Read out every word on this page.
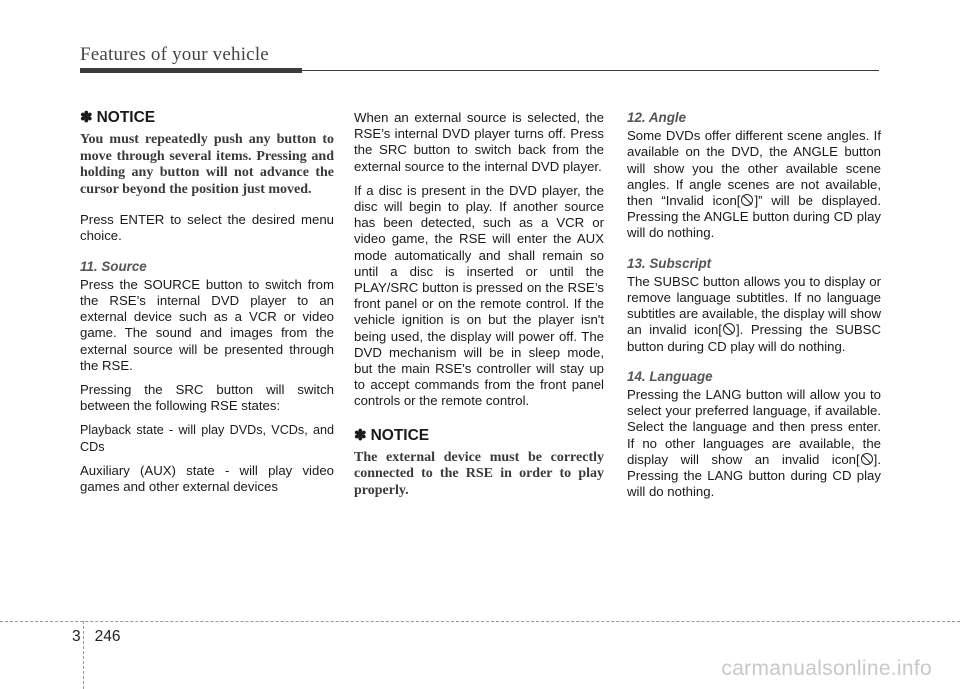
Features of your vehicle
✽ NOTICE
You must repeatedly push any button to move through several items. Pressing and holding any button will not advance the cursor beyond the position just moved.

Press ENTER to select the desired menu choice.

11. Source

Press the SOURCE button to switch from the RSE’s internal DVD player to an external device such as a VCR or video game. The sound and images from the external source will be presented through the RSE.

Pressing the SRC button will switch between the following RSE states:

Playback state - will play DVDs, VCDs, and CDs

Auxiliary (AUX) state - will play video games and other external devices

When an external source is selected, the RSE’s internal DVD player turns off. Press the SRC button to switch back from the external source to the internal DVD player.

If a disc is present in the DVD player, the disc will begin to play. If another source has been detected, such as a VCR or video game, the RSE will enter the AUX mode automatically and shall remain so until a disc is inserted or until the PLAY/SRC button is pressed on the RSE’s front panel or on the remote control. If the vehicle ignition is on but the player isn't being used, the display will power off. The DVD mechanism will be in sleep mode, but the main RSE's controller will stay up to accept commands from the front panel controls or the remote control.

✽ NOTICE
The external device must be correctly connected to the RSE in order to play properly.
12. Angle

Some DVDs offer different scene angles. If available on the DVD, the ANGLE button will show you the other available scene angles. If angle scenes are not available, then “Invalid icon[ ]” will be displayed. Pressing the ANGLE button during CD play will do nothing.

13. Subscript

The SUBSC button allows you to display or remove language subtitles. If no language subtitles are available, the display will show an invalid icon[ ]. Pressing the SUBSC button during CD play will do nothing.

14. Language

Pressing the LANG button will allow you to select your preferred language, if available. Select the language and then press enter. If no other languages are available, the display will show an invalid icon[ ]. Pressing the LANG button during CD play will do nothing.

3 246
carmanualsonline.info
